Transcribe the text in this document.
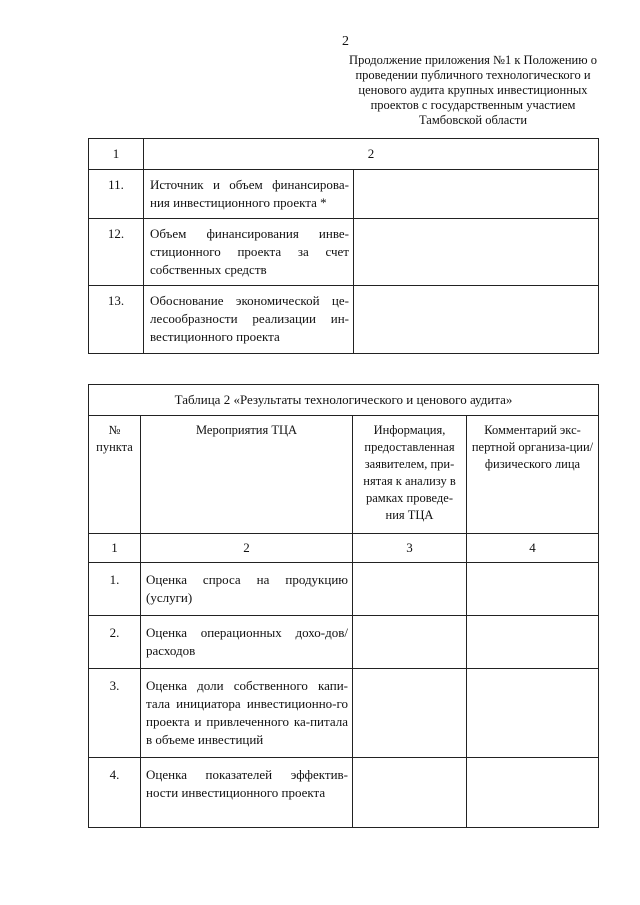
2
Продолжение приложения №1 к Положению о проведении публичного технологического и ценового аудита крупных инвестиционных проектов с государственным участием Тамбовской области
1	2	
11.	Источник и объем финансирова-ния инвестиционного проекта *	
12.	Объем финансирования инве-стиционного проекта за счет собственных средств	
13.	Обоснование экономической це-лесообразности реализации ин-вестиционного проекта	
Таблица 2 «Результаты технологического и ценового аудита»			
№ пункта	Мероприятия ТЦА	Информация, предоставленная заявителем, при-нятая к анализу в рамках проведе-ния ТЦА	Комментарий экс-пертной организа-ции/физического лица
1	2	3	4
1.	Оценка спроса на продукцию (услуги)		
2.	Оценка операционных дохо-дов/расходов		
3.	Оценка доли собственного капи-тала инициатора инвестиционно-го проекта и привлеченного ка-питала в объеме инвестиций		
4.	Оценка показателей эффектив-ности инвестиционного проекта		
